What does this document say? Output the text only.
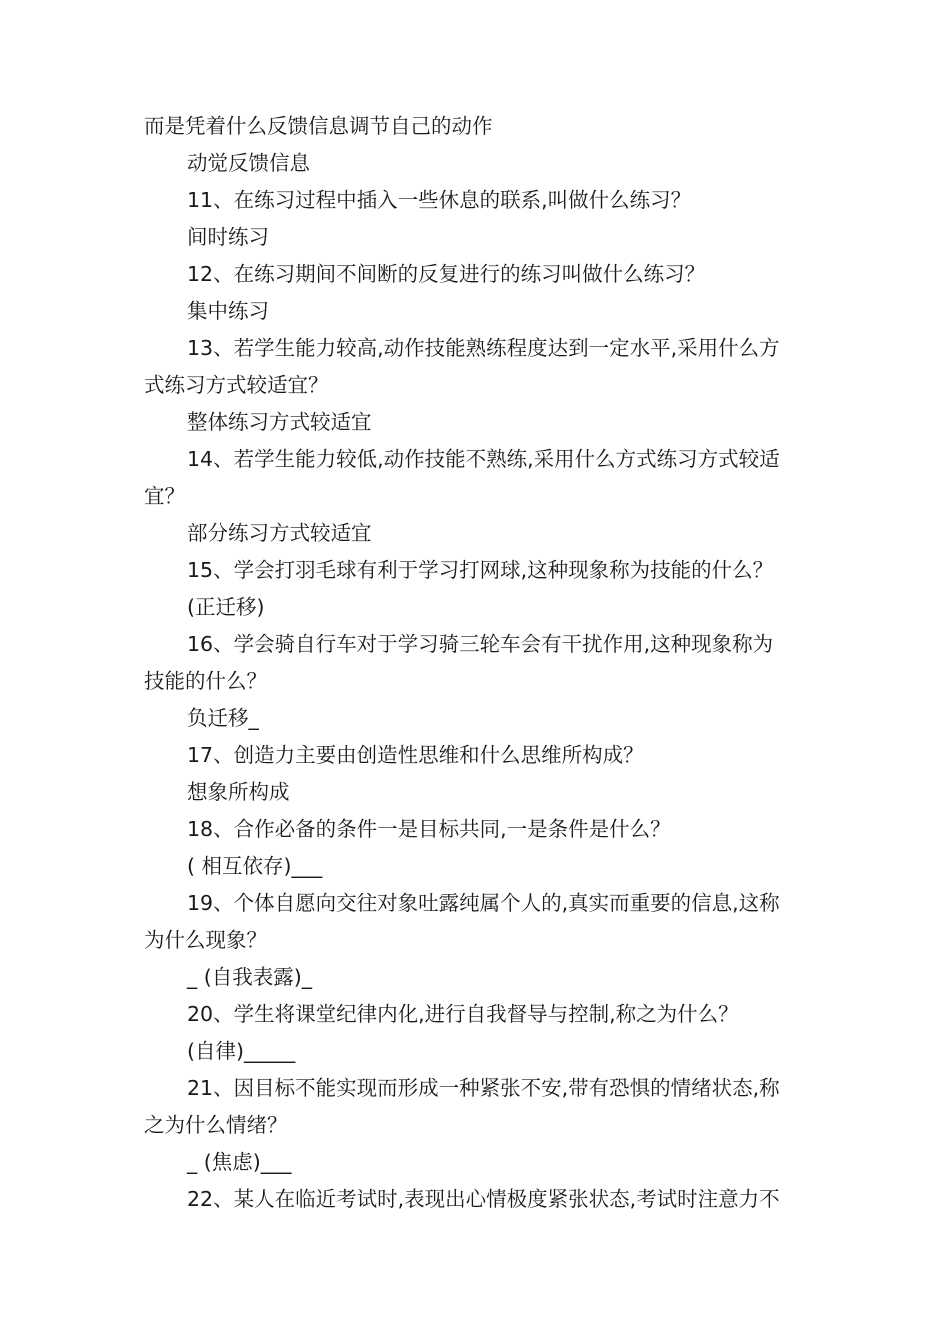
而是凭着什么反馈信息调节自己的动作
动觉反馈信息
11、在练习过程中插入一些休息的联系,叫做什么练习？
间时练习
12、在练习期间不间断的反复进行的练习叫做什么练习？
集中练习
13、若学生能力较高,动作技能熟练程度达到一定水平,采用什么方
式练习方式较适宜？
整体练习方式较适宜
14、若学生能力较低,动作技能不熟练,采用什么方式练习方式较适
宜？
部分练习方式较适宜
15、学会打羽毛球有利于学习打网球,这种现象称为技能的什么？
(正迁移)
16、学会骑自行车对于学习骑三轮车会有干扰作用,这种现象称为
技能的什么？
负迁移_
17、创造力主要由创造性思维和什么思维所构成？
想象所构成
18、合作必备的条件一是目标共同,一是条件是什么？
( 相互依存)___
19、个体自愿向交往对象吐露纯属个人的,真实而重要的信息,这称
为什么现象？
_ (自我表露)_
20、学生将课堂纪律内化,进行自我督导与控制,称之为什么？
(自律)_____
21、因目标不能实现而形成一种紧张不安,带有恐惧的情绪状态,称
之为什么情绪？
_ (焦虑)___
22、某人在临近考试时,表现出心情极度紧张状态,考试时注意力不
